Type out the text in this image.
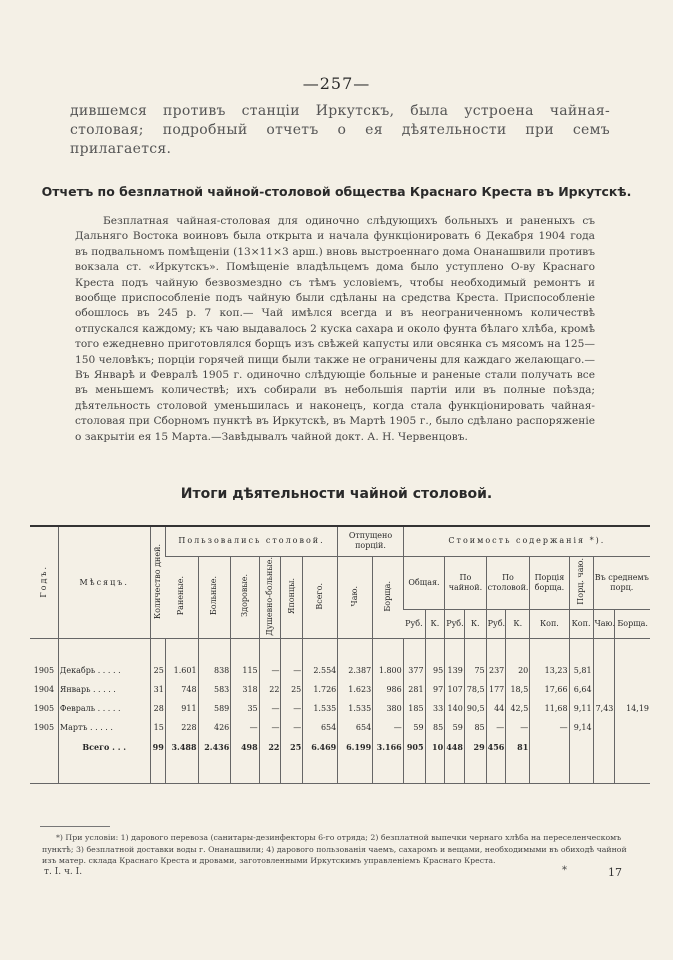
—257—
дившемся противъ станціи Иркутскъ, была устроена чайная-столовая; подробный отчетъ о ея дѣятельности при семъ прилагается.
Отчетъ по безплатной чайной-столовой общества Краснаго Креста въ Иркутскѣ.

Безплатная чайная-столовая для одиночно слѣдующихъ больныхъ и раненыхъ съ Дальняго Востока воиновъ была открыта и начала функціонировать 6 Декабря 1904 года въ подвальномъ помѣщеніи (13×11×3 арш.) вновь выстроеннаго дома Онанашвили противъ вокзала ст. «Иркутскъ». Помѣщеніе владѣльцемъ дома было уступлено О-ву Краснаго Креста подъ чайную безвозмездно съ тѣмъ условіемъ, чтобы необходимый ремонтъ и вообще приспособленіе подъ чайную были сдѣланы на средства Креста. Приспособленіе обошлось въ 245 р. 7 коп.— Чай имѣлся всегда и въ неограниченномъ количествѣ отпускался каждому; къ чаю выдавалось 2 куска сахара и около фунта бѣлаго хлѣба, кромѣ того ежедневно приготовлялся борщъ изъ свѣжей капусты или овсянка съ мясомъ на 125—150 человѣкъ; порціи горячей пищи были также не ограничены для каждаго желающаго.—Въ Январѣ и Февралѣ 1905 г. одиночно слѣдующіе больные и раненые стали получать все въ меньшемъ количествѣ; ихъ собирали въ небольшія партіи или въ полные поѣзда; дѣятельность столовой уменьшилась и наконецъ, когда стала функціонировать чайная-столовая при Сборномъ пунктѣ въ Иркутскѣ, въ Мартѣ 1905 г., было сдѣлано распоряженіе о закрытіи ея 15 Марта.—Завѣдывалъ чайной докт. А. Н. Червенцовъ.

Итоги дѣятельности чайной столовой.
Годъ.	Мѣсяцъ.	Количество дней.	Пользовались столовой.						Отпущено порцій.		Стоимость содержанія *).									
			Раненые.	Больные.	Здоровые.	Душевно-больные.	Японцы.	Всего.	Чаю.	Борща.	Общая.		По чайной.		По столовой.		Порція борща.	Порц. чаю.	Въ среднемъ порц.	
											Руб.	К.	Руб.	К.	Руб.	К.	Коп.	Коп.	Чаю.	Борща.
1905	Декабрь . . . . .	25	1.601	838	115	—	—	2.554	2.387	1.800	377	95	139	75	237	20	13,23	5,81		
1904	Январь . . . . .	31	748	583	318	22	25	1.726	1.623	986	281	97	107	78,5	177	18,5	17,66	6,64		
1905	Февраль . . . . .	28	911	589	35	—	—	1.535	1.535	380	185	33	140	90,5	44	42,5	11,68	9,11	7,43	14,19
1905	Мартъ . . . . .	15	228	426	—	—	—	654	654	—	59	85	59	85	—	—	—	9,14		
	Всего . . .	99	3.488	2.436	498	22	25	6.469	6.199	3.166	905	10	448	29	456	81				

*) При условіи: 1) дарового перевоза (санитары-дезинфекторы 6-го отряда; 2) безплатной выпечки чернаго хлѣба на переселенческомъ пунктѣ; 3) безплатной доставки воды г. Онанашвили; 4) дарового пользованія чаемъ, сахаромъ и вещами, необходимыми въ обиходѣ чайной изъ матер. склада Краснаго Креста и дровами, заготовленными Иркутскимъ управленіемъ Краснаго Креста.

т. I. ч. I.	*	17
